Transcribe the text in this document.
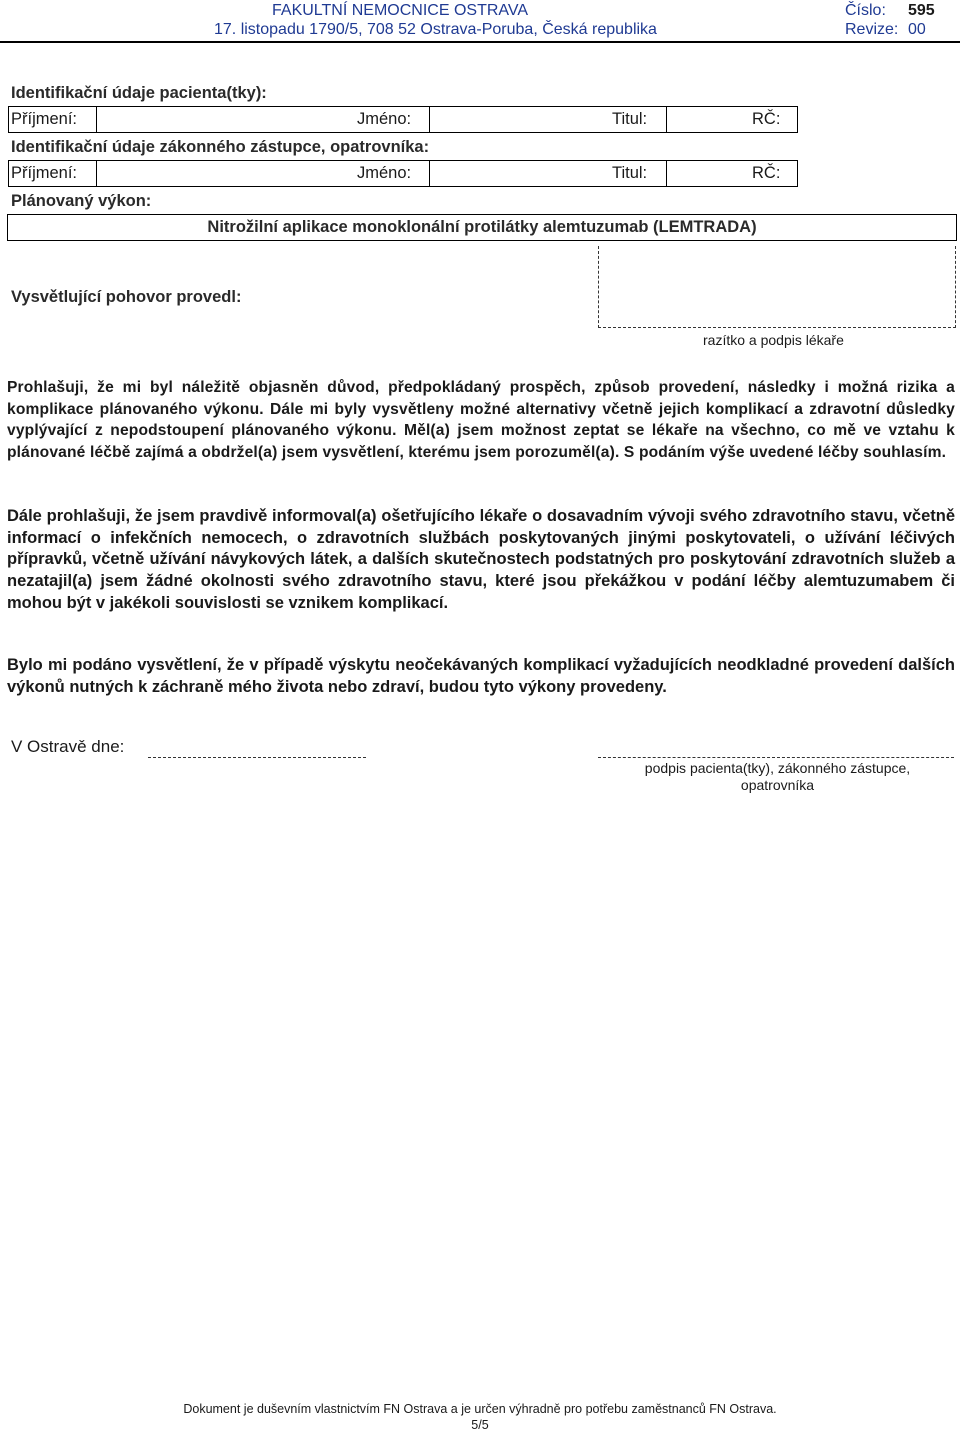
FAKULTNÍ NEMOCNICE OSTRAVA
17. listopadu 1790/5, 708 52 Ostrava-Poruba, Česká republika
Číslo: 595
Revize: 00
Identifikační údaje pacienta(tky):
Příjmení:	Jméno:	Titul:	RČ:
Identifikační údaje zákonného zástupce, opatrovníka:
Příjmení:	Jméno:	Titul:	RČ:
Plánovaný výkon:
Nitrožilní aplikace monoklonální protilátky alemtuzumab (LEMTRADA)
Vysvětlující pohovor provedl:
razítko a podpis lékaře
Prohlašuji, že mi byl náležitě objasněn důvod, předpokládaný prospěch, způsob provedení, následky i možná rizika a komplikace plánovaného výkonu. Dále mi byly vysvětleny možné alternativy včetně jejich komplikací a zdravotní důsledky vyplývající z nepodstoupení plánovaného výkonu. Měl(a) jsem možnost zeptat se lékaře na všechno, co mě ve vztahu k plánované léčbě zajímá a obdržel(a) jsem vysvětlení, kterému jsem porozuměl(a). S podáním výše uvedené léčby souhlasím.
Dále prohlašuji, že jsem pravdivě informoval(a) ošetřujícího lékaře o dosavadním vývoji svého zdravotního stavu, včetně informací o infekčních nemocech, o zdravotních službách poskytovaných jinými poskytovateli, o užívání léčivých přípravků, včetně užívání návykových látek, a dalších skutečnostech podstatných pro poskytování zdravotních služeb a nezatajil(a) jsem žádné okolnosti svého zdravotního stavu, které jsou překážkou v podání léčby alemtuzumabem či mohou být v jakékoli souvislosti se vznikem komplikací.
Bylo mi podáno vysvětlení, že v případě výskytu neočekávaných komplikací vyžadujících neodkladné provedení dalších výkonů nutných k záchraně mého života nebo zdraví, budou tyto výkony provedeny.
V Ostravě dne:
podpis pacienta(tky), zákonného zástupce, opatrovníka
Dokument je duševním vlastnictvím FN Ostrava a je určen výhradně pro potřebu zaměstnanců FN Ostrava.
5/5
